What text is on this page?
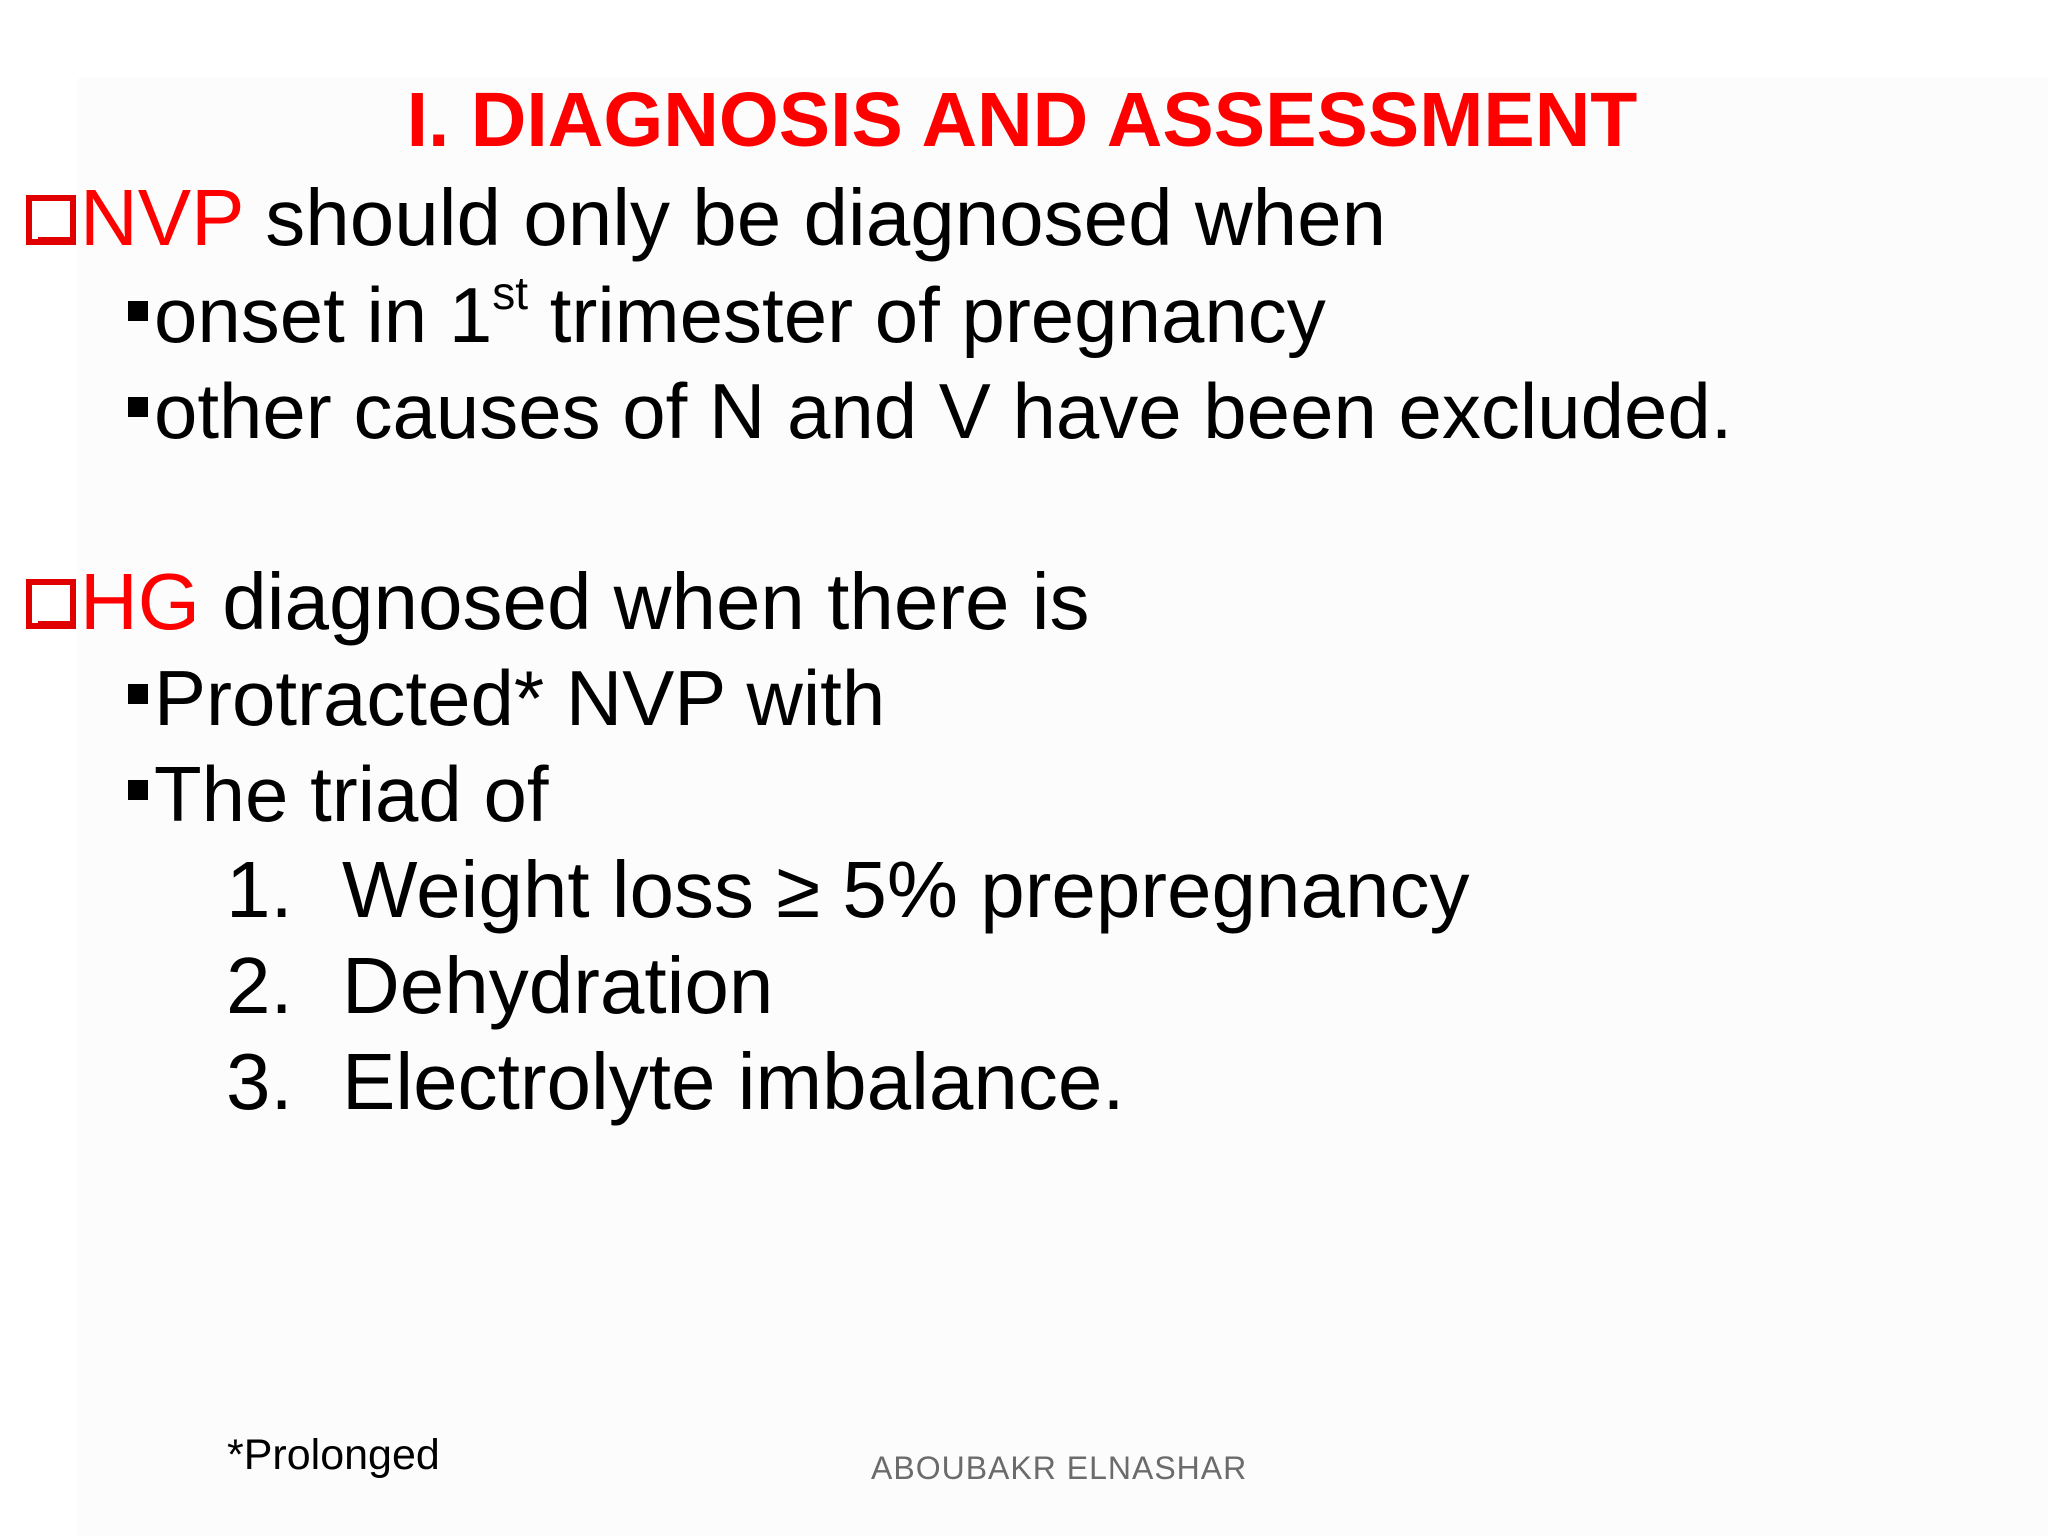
I. DIAGNOSIS AND ASSESSMENT
NVP should only be diagnosed when
onset in 1st trimester of pregnancy
other causes of N and V have been excluded.
HG diagnosed when there is
Protracted* NVP with
The triad of
1. Weight loss ≥ 5% prepregnancy
2. Dehydration
3. Electrolyte imbalance.
*Prolonged	ABOUBAKR ELNASHAR
